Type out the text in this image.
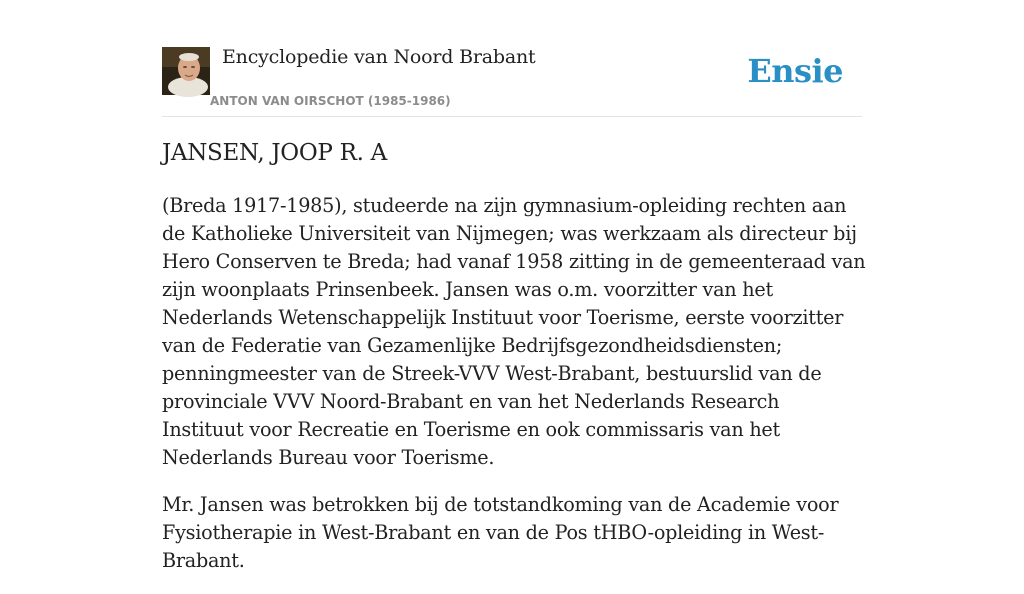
Encyclopedie van Noord Brabant
ANTON VAN OIRSCHOT (1985-1986)
Ensie
JANSEN, JOOP R. A

(Breda 1917-1985), studeerde na zijn gymnasium-opleiding rechten aan de Katholieke Universiteit van Nijmegen; was werkzaam als directeur bij Hero Conserven te Breda; had vanaf 1958 zitting in de gemeenteraad van zijn woonplaats Prinsenbeek. Jansen was o.m. voorzitter van het Nederlands Wetenschappelijk Instituut voor Toerisme, eerste voorzitter van de Federatie van Gezamenlijke Bedrijfsgezondheidsdiensten; penningmeester van de Streek-VVV West-Brabant, bestuurslid van de provinciale VVV Noord-Brabant en van het Nederlands Research Instituut voor Recreatie en Toerisme en ook commissaris van het Nederlands Bureau voor Toerisme.

Mr. Jansen was betrokken bij de totstandkoming van de Academie voor Fysiotherapie in West-Brabant en van de Pos tHBO-opleiding in West-Brabant.
